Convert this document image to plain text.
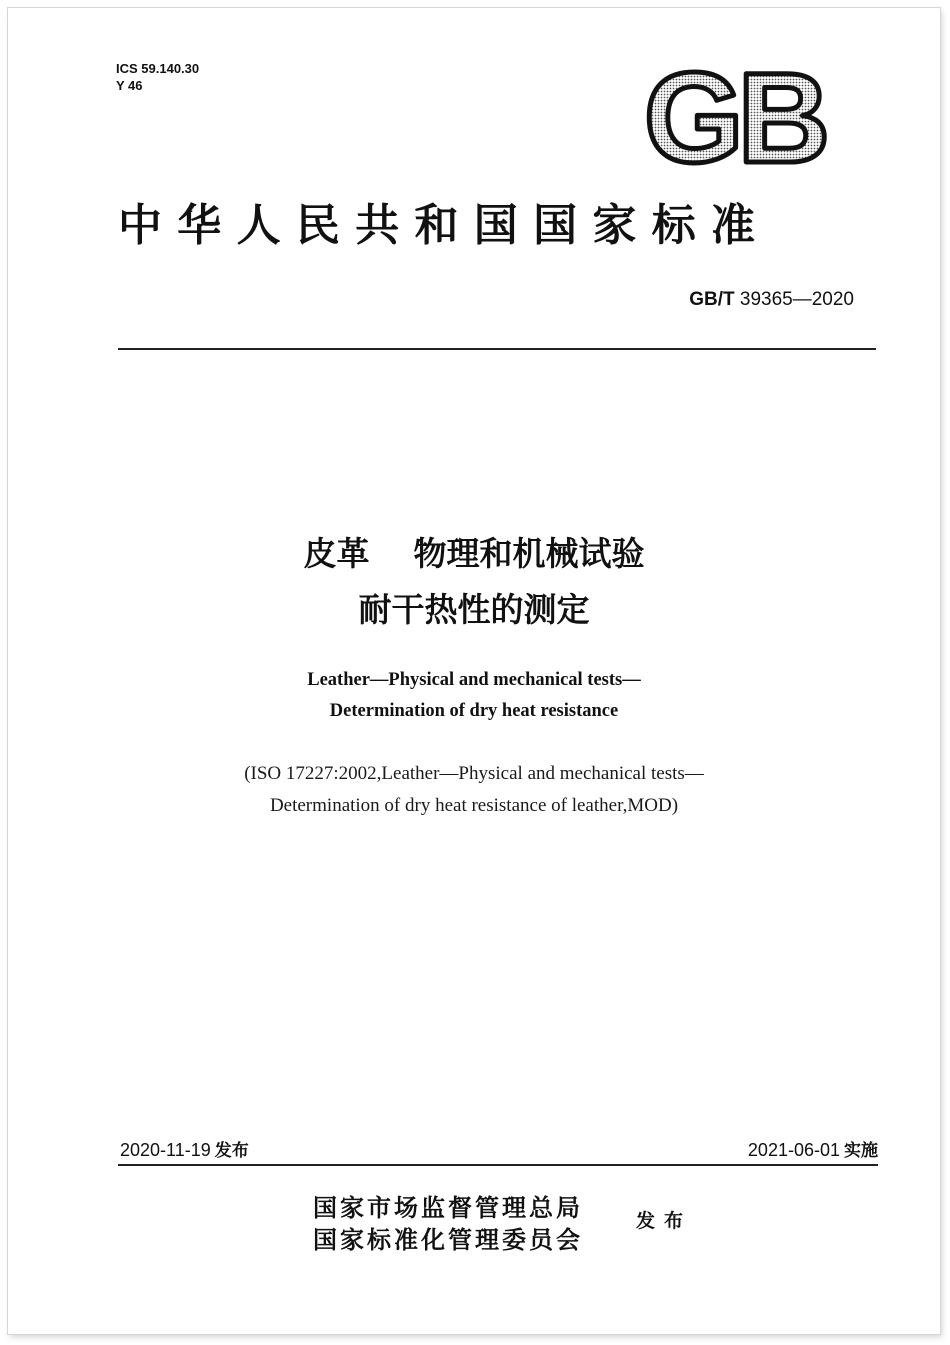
ICS 59.140.30
Y 46	GB
中华人民共和国国家标准
GB/T 39365—2020
皮革 物理和机械试验
耐干热性的测定
Leather—Physical and mechanical tests—
Determination of dry heat resistance
(ISO 17227:2002,Leather—Physical and mechanical tests—
Determination of dry heat resistance of leather,MOD)
2020-11-19 发布	2021-06-01 实施
国家市场监督管理总局
国家标准化管理委员会
发布
